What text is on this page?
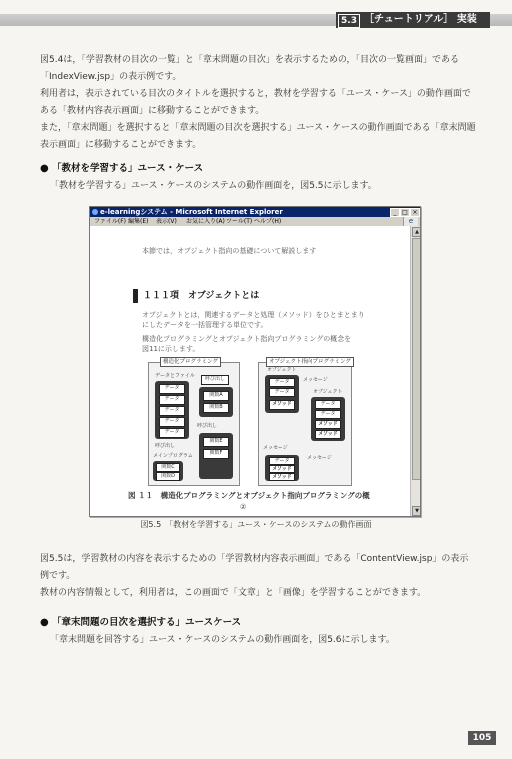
5.3 ［チュートリアル］ 実装
図5.4は，「学習教材の目次の一覧」と「章末問題の目次」を表示するための，「目次の一覧画面」である「IndexView.jsp」の表示例です。
利用者は，表示されている目次のタイトルを選択すると，教材を学習する「ユース・ケース」の動作画面である「教材内容表示画面」に移動することができます。
また，「章末問題」を選択すると「章末問題の目次を選択する」ユース・ケースの動作画面である「章末問題表示画面」に移動することができます。
● 「教材を学習する」ユース・ケース
「教材を学習する」ユース・ケースのシステムの動作画面を，図5.5に示します。
e-learningシステム - Microsoft Internet Explorer	_ □ ×
ファイル(F) 編集(E) 表示(V) お気に入り(A) ツール(T) ヘルプ(H)	e
本節では，オブジェクト指向の基礎について解説します
１１１項　オブジェクトとは
オブジェクトとは，関連するデータと処理（メソッド）をひとまとまり
にしたデータを一括管理する単位です。
構造化プログラミングとオブジェクト指向プログラミングの概念を
図11に示します。
データとファイル
データ
データ
データ
データ
データ
呼び出し
関数A
関数B
呼び出し
メインプログラム
関数C
関数D
呼び出し
関数E
関数F
構造化プログラミング
オブジェクト
データ
データ
メソッド
メッセージ
オブジェクト
データ
データ
メソッド
メソッド
メッセージ
データ
メソッド
メソッド
メッセージ
オブジェクト指向プログラミング
図 １１　構造化プログラミングとオブジェクト指向プログラミングの概
②
▲
▼
図5.5　「教材を学習する」ユース・ケースのシステムの動作画面
図5.5は，学習教材の内容を表示するための「学習教材内容表示画面」である「ContentView.jsp」の表示例です。
教材の内容情報として，利用者は，この画面で「文章」と「画像」を学習することができます。
● 「章末問題の目次を選択する」ユースケース
「章末問題を回答する」ユース・ケースのシステムの動作画面を，図5.6に示します。
105
